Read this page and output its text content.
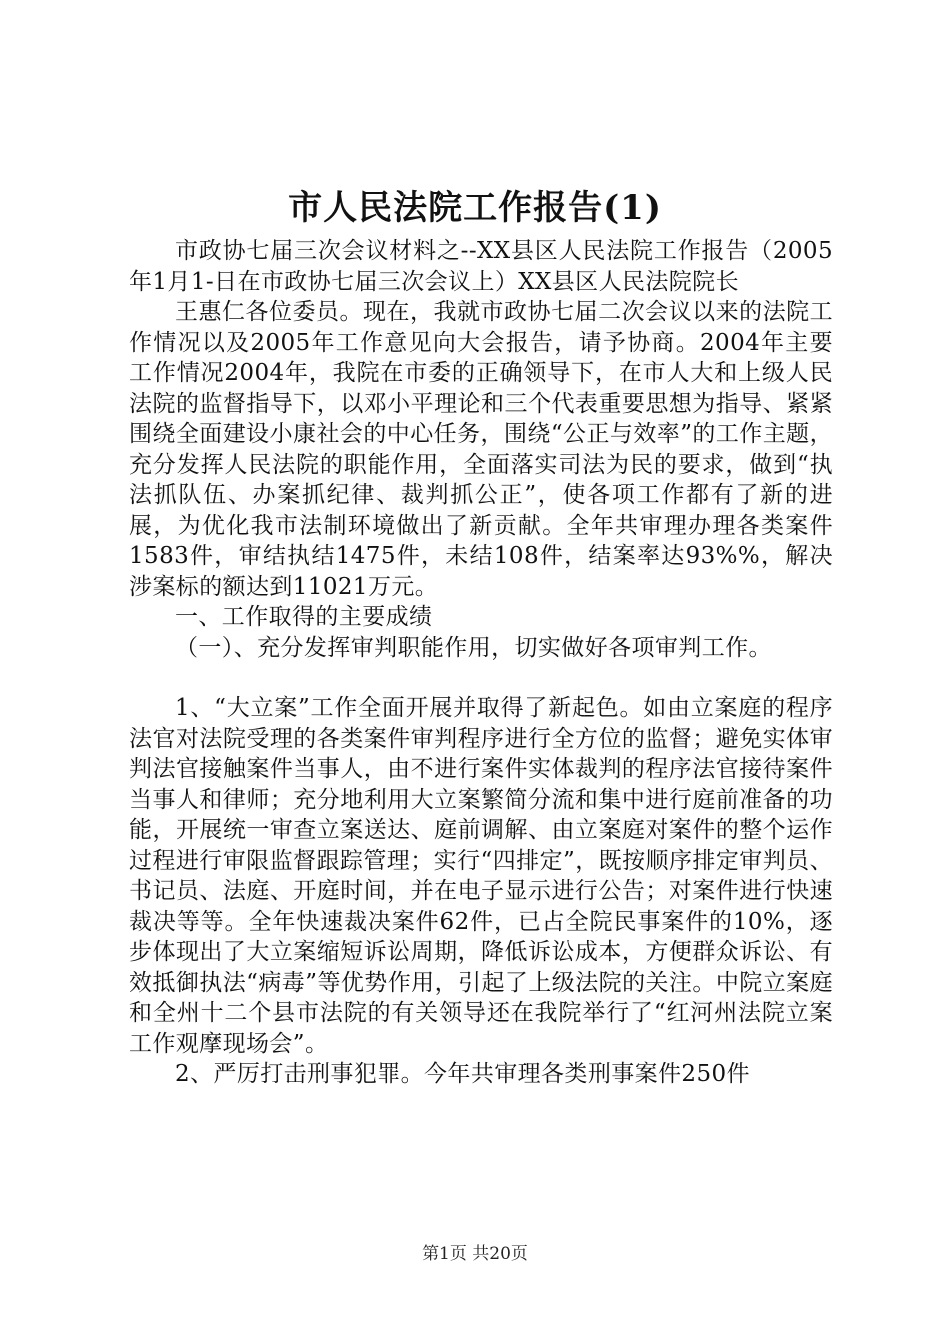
市人民法院工作报告(1)

市政协七届三次会议材料之--XX县区人民法院工作报告（2005年1月1-日在市政协七届三次会议上）XX县区人民法院院长

王惠仁各位委员。现在，我就市政协七届二次会议以来的法院工作情况以及2005年工作意见向大会报告，请予协商。2004年主要工作情况2004年，我院在市委的正确领导下，在市人大和上级人民法院的监督指导下，以邓小平理论和三个代表重要思想为指导、紧紧围绕全面建设小康社会的中心任务，围绕“公正与效率”的工作主题，充分发挥人民法院的职能作用，全面落实司法为民的要求，做到“执法抓队伍、办案抓纪律、裁判抓公正”，使各项工作都有了新的进展，为优化我市法制环境做出了新贡献。全年共审理办理各类案件1583件，审结执结1475件，未结108件，结案率达93%%，解决涉案标的额达到11021万元。

一、工作取得的主要成绩

（一）、充分发挥审判职能作用，切实做好各项审判工作。

1、“大立案”工作全面开展并取得了新起色。如由立案庭的程序法官对法院受理的各类案件审判程序进行全方位的监督；避免实体审判法官接触案件当事人，由不进行案件实体裁判的程序法官接待案件当事人和律师；充分地利用大立案繁简分流和集中进行庭前准备的功能，开展统一审查立案送达、庭前调解、由立案庭对案件的整个运作过程进行审限监督跟踪管理；实行“四排定”，既按顺序排定审判员、书记员、法庭、开庭时间，并在电子显示进行公告；对案件进行快速裁决等等。全年快速裁决案件62件，已占全院民事案件的10%，逐步体现出了大立案缩短诉讼周期，降低诉讼成本，方便群众诉讼、有效抵御执法“病毒”等优势作用，引起了上级法院的关注。中院立案庭和全州十二个县市法院的有关领导还在我院举行了“红河州法院立案工作观摩现场会”。

2、严厉打击刑事犯罪。今年共审理各类刑事案件250件

第1页 共20页
